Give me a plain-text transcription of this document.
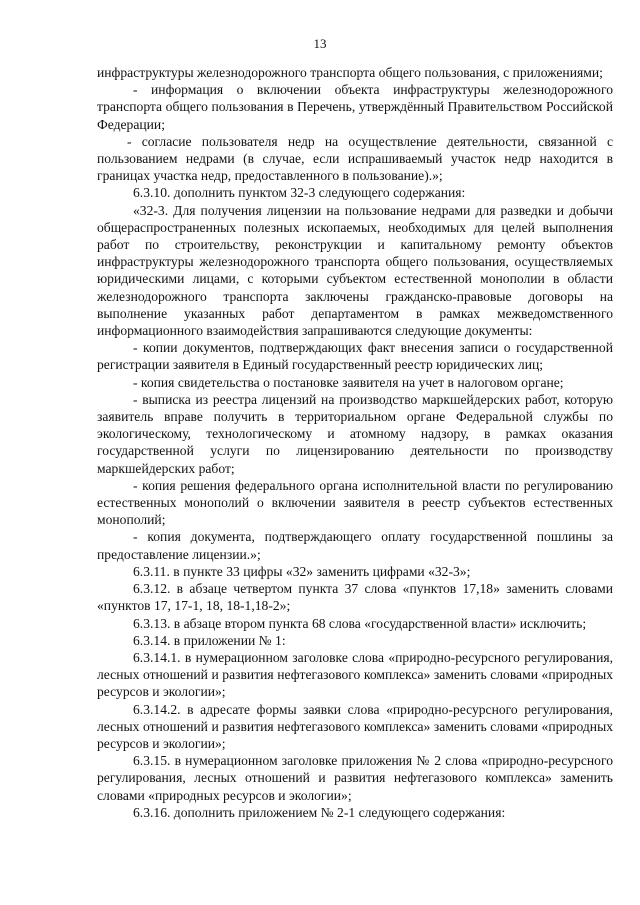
13

инфраструктуры железнодорожного транспорта общего пользования, с приложениями;

- информация о включении объекта инфраструктуры железнодорожного транспорта общего пользования в Перечень, утверждённый Правительством Российской Федерации;

- согласие пользователя недр на осуществление деятельности, связанной с пользованием недрами (в случае, если испрашиваемый участок недр находится в границах участка недр, предоставленного в пользование).»;

6.3.10. дополнить пунктом 32-3 следующего содержания:

«32-3. Для получения лицензии на пользование недрами для разведки и добычи общераспространенных полезных ископаемых, необходимых для целей выполнения работ по строительству, реконструкции и капитальному ремонту объектов инфраструктуры железнодорожного транспорта общего пользования, осуществляемых юридическими лицами, с которыми субъектом естественной монополии в области железнодорожного транспорта заключены гражданско-правовые договоры на выполнение указанных работ департаментом в рамках межведомственного информационного взаимодействия запрашиваются следующие документы:

- копии документов, подтверждающих факт внесения записи о государственной регистрации заявителя в Единый государственный реестр юридических лиц;

- копия свидетельства о постановке заявителя на учет в налоговом органе;

- выписка из реестра лицензий на производство маркшейдерских работ, которую заявитель вправе получить в территориальном органе Федеральной службы по экологическому, технологическому и атомному надзору, в рамках оказания государственной услуги по лицензированию деятельности по производству маркшейдерских работ;

- копия решения федерального органа исполнительной власти по регулированию естественных монополий о включении заявителя в реестр субъектов естественных монополий;

- копия документа, подтверждающего оплату государственной пошлины за предоставление лицензии.»;

6.3.11. в пункте 33 цифры «32» заменить цифрами «32-3»;

6.3.12. в абзаце четвертом пункта 37 слова «пунктов 17,18» заменить словами «пунктов 17, 17-1, 18, 18-1,18-2»;

6.3.13. в абзаце втором пункта 68 слова «государственной власти» исключить;

6.3.14. в приложении № 1:

6.3.14.1. в нумерационном заголовке слова «природно-ресурсного регулирования, лесных отношений и развития нефтегазового комплекса» заменить словами «природных ресурсов и экологии»;

6.3.14.2. в адресате формы заявки слова «природно-ресурсного регулирования, лесных отношений и развития нефтегазового комплекса» заменить словами «природных ресурсов и экологии»;

6.3.15. в нумерационном заголовке приложения № 2 слова «природно-ресурсного регулирования, лесных отношений и развития нефтегазового комплекса» заменить словами «природных ресурсов и экологии»;

6.3.16. дополнить приложением № 2-1 следующего содержания:
